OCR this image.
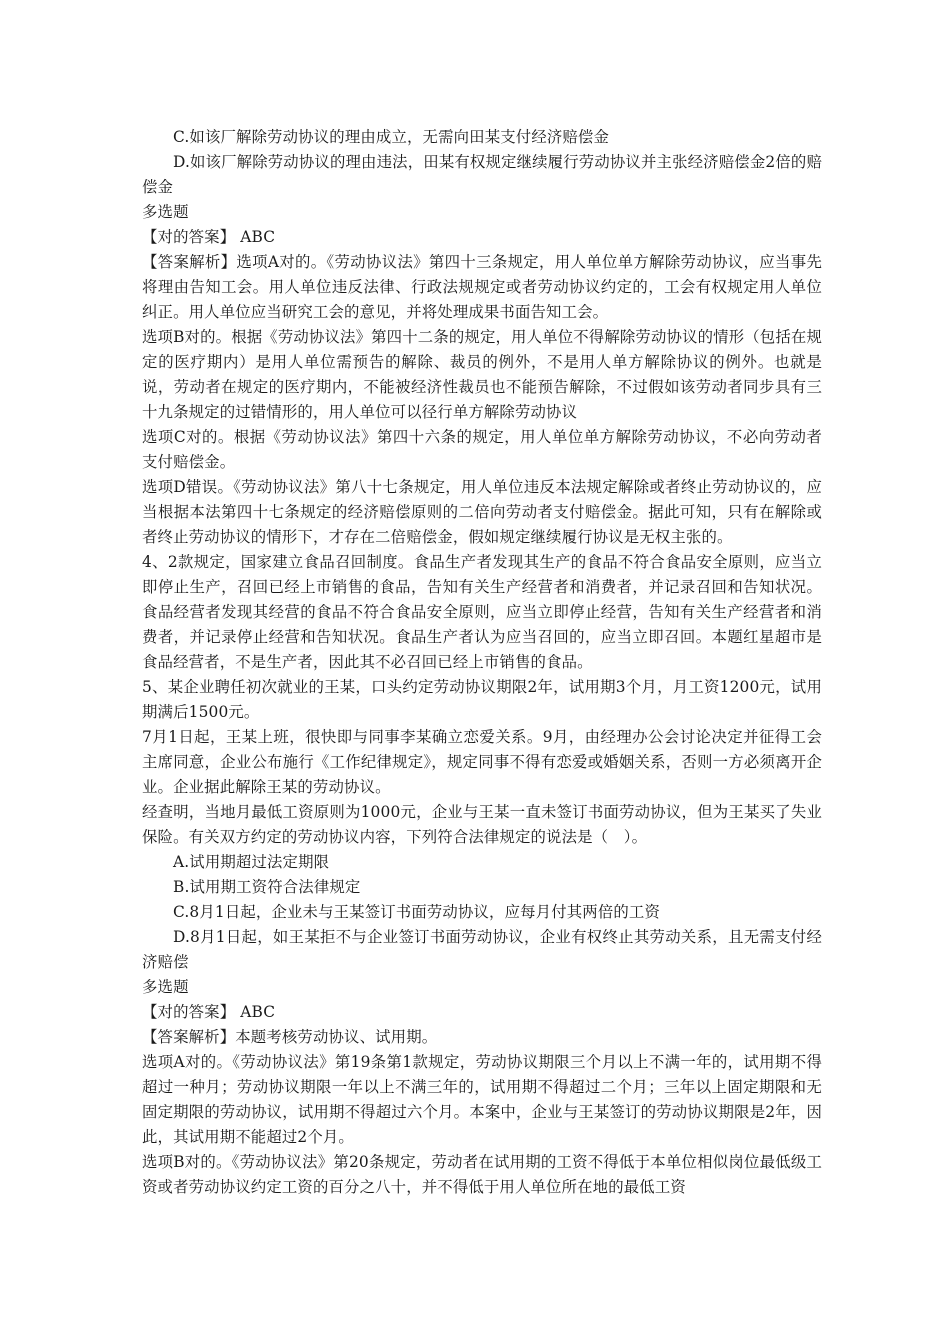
C.如该厂解除劳动协议的理由成立，无需向田某支付经济赔偿金

D.如该厂解除劳动协议的理由违法，田某有权规定继续履行劳动协议并主张经济赔偿金2倍的赔偿金

多选题

【对的答案】 ABC

【答案解析】选项A对的。《劳动协议法》第四十三条规定，用人单位单方解除劳动协议，应当事先将理由告知工会。用人单位违反法律、行政法规规定或者劳动协议约定的，工会有权规定用人单位纠正。用人单位应当研究工会的意见，并将处理成果书面告知工会。

选项B对的。根据《劳动协议法》第四十二条的规定，用人单位不得解除劳动协议的情形（包括在规定的医疗期内）是用人单位需预告的解除、裁员的例外，不是用人单方解除协议的例外。也就是说，劳动者在规定的医疗期内，不能被经济性裁员也不能预告解除，不过假如该劳动者同步具有三十九条规定的过错情形的，用人单位可以径行单方解除劳动协议

选项C对的。根据《劳动协议法》第四十六条的规定，用人单位单方解除劳动协议，不必向劳动者支付赔偿金。

选项D错误。《劳动协议法》第八十七条规定，用人单位违反本法规定解除或者终止劳动协议的，应当根据本法第四十七条规定的经济赔偿原则的二倍向劳动者支付赔偿金。据此可知，只有在解除或者终止劳动协议的情形下，才存在二倍赔偿金，假如规定继续履行协议是无权主张的。

4、2款规定，国家建立食品召回制度。食品生产者发现其生产的食品不符合食品安全原则，应当立即停止生产，召回已经上市销售的食品，告知有关生产经营者和消费者，并记录召回和告知状况。食品经营者发现其经营的食品不符合食品安全原则，应当立即停止经营，告知有关生产经营者和消费者，并记录停止经营和告知状况。食品生产者认为应当召回的，应当立即召回。本题红星超市是食品经营者，不是生产者，因此其不必召回已经上市销售的食品。

5、某企业聘任初次就业的王某，口头约定劳动协议期限2年，试用期3个月，月工资1200元，试用期满后1500元。

7月1日起，王某上班，很快即与同事李某确立恋爱关系。9月，由经理办公会讨论决定并征得工会主席同意，企业公布施行《工作纪律规定》，规定同事不得有恋爱或婚姻关系，否则一方必须离开企业。企业据此解除王某的劳动协议。

经查明，当地月最低工资原则为1000元，企业与王某一直未签订书面劳动协议，但为王某买了失业保险。有关双方约定的劳动协议内容，下列符合法律规定的说法是（　）。

A.试用期超过法定期限

B.试用期工资符合法律规定

C.8月1日起，企业未与王某签订书面劳动协议，应每月付其两倍的工资

D.8月1日起，如王某拒不与企业签订书面劳动协议，企业有权终止其劳动关系，且无需支付经济赔偿

多选题

【对的答案】 ABC

【答案解析】本题考核劳动协议、试用期。

选项A对的。《劳动协议法》第19条第1款规定，劳动协议期限三个月以上不满一年的，试用期不得超过一种月；劳动协议期限一年以上不满三年的，试用期不得超过二个月；三年以上固定期限和无固定期限的劳动协议，试用期不得超过六个月。本案中，企业与王某签订的劳动协议期限是2年，因此，其试用期不能超过2个月。

选项B对的。《劳动协议法》第20条规定，劳动者在试用期的工资不得低于本单位相似岗位最低级工资或者劳动协议约定工资的百分之八十，并不得低于用人单位所在地的最低工资
